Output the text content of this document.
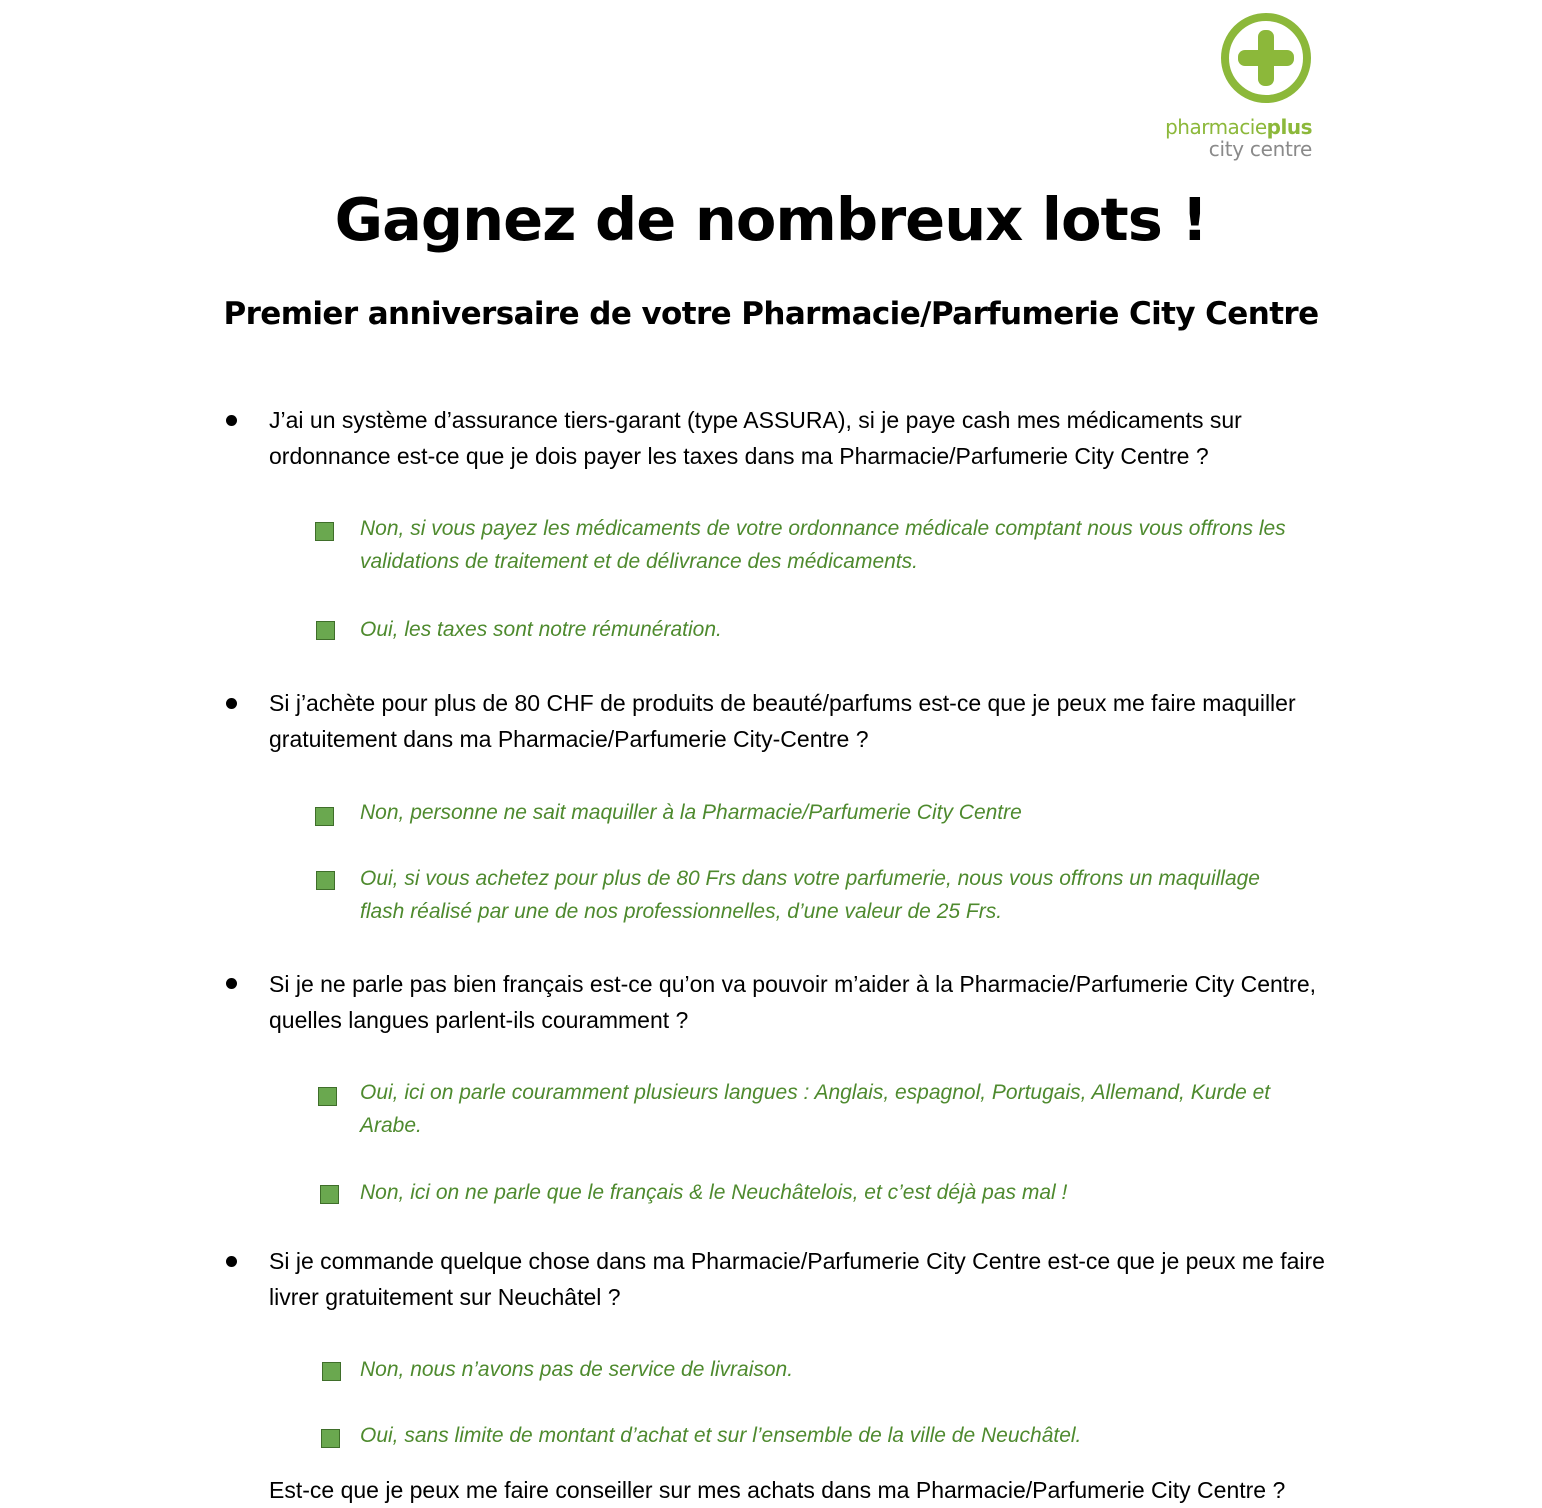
pharmacieplus
city centre
Gagnez de nombreux lots !
Premier anniversaire de votre Pharmacie/Parfumerie City Centre
J’ai un système d’assurance tiers-garant (type ASSURA), si je paye cash mes médicaments sur ordonnance est-ce que je dois payer les taxes dans ma Pharmacie/Parfumerie City Centre ?
Non, si vous payez les médicaments de votre ordonnance médicale comptant nous vous offrons les validations de traitement et de délivrance des médicaments.
Oui, les taxes sont notre rémunération.
Si j’achète pour plus de 80 CHF de produits de beauté/parfums est-ce que je peux me faire maquiller gratuitement dans ma Pharmacie/Parfumerie City-Centre ?
Non, personne ne sait maquiller à la Pharmacie/Parfumerie City Centre
Oui, si vous achetez pour plus de 80 Frs dans votre parfumerie, nous vous offrons un maquillage flash réalisé par une de nos professionnelles, d’une valeur de 25 Frs.
Si je ne parle pas bien français est-ce qu’on va pouvoir m’aider à la Pharmacie/Parfumerie City Centre, quelles langues parlent-ils couramment ?
Oui, ici on parle couramment plusieurs langues : Anglais, espagnol, Portugais, Allemand, Kurde et Arabe.
Non, ici on ne parle que le français & le Neuchâtelois, et c’est déjà pas mal !
Si je commande quelque chose dans ma Pharmacie/Parfumerie City Centre est-ce que je peux me faire livrer gratuitement sur Neuchâtel ?
Non, nous n’avons pas de service de livraison.
Oui, sans limite de montant d’achat et sur l’ensemble de la ville de Neuchâtel.
Est-ce que je peux me faire conseiller sur mes achats dans ma Pharmacie/Parfumerie City Centre ?
